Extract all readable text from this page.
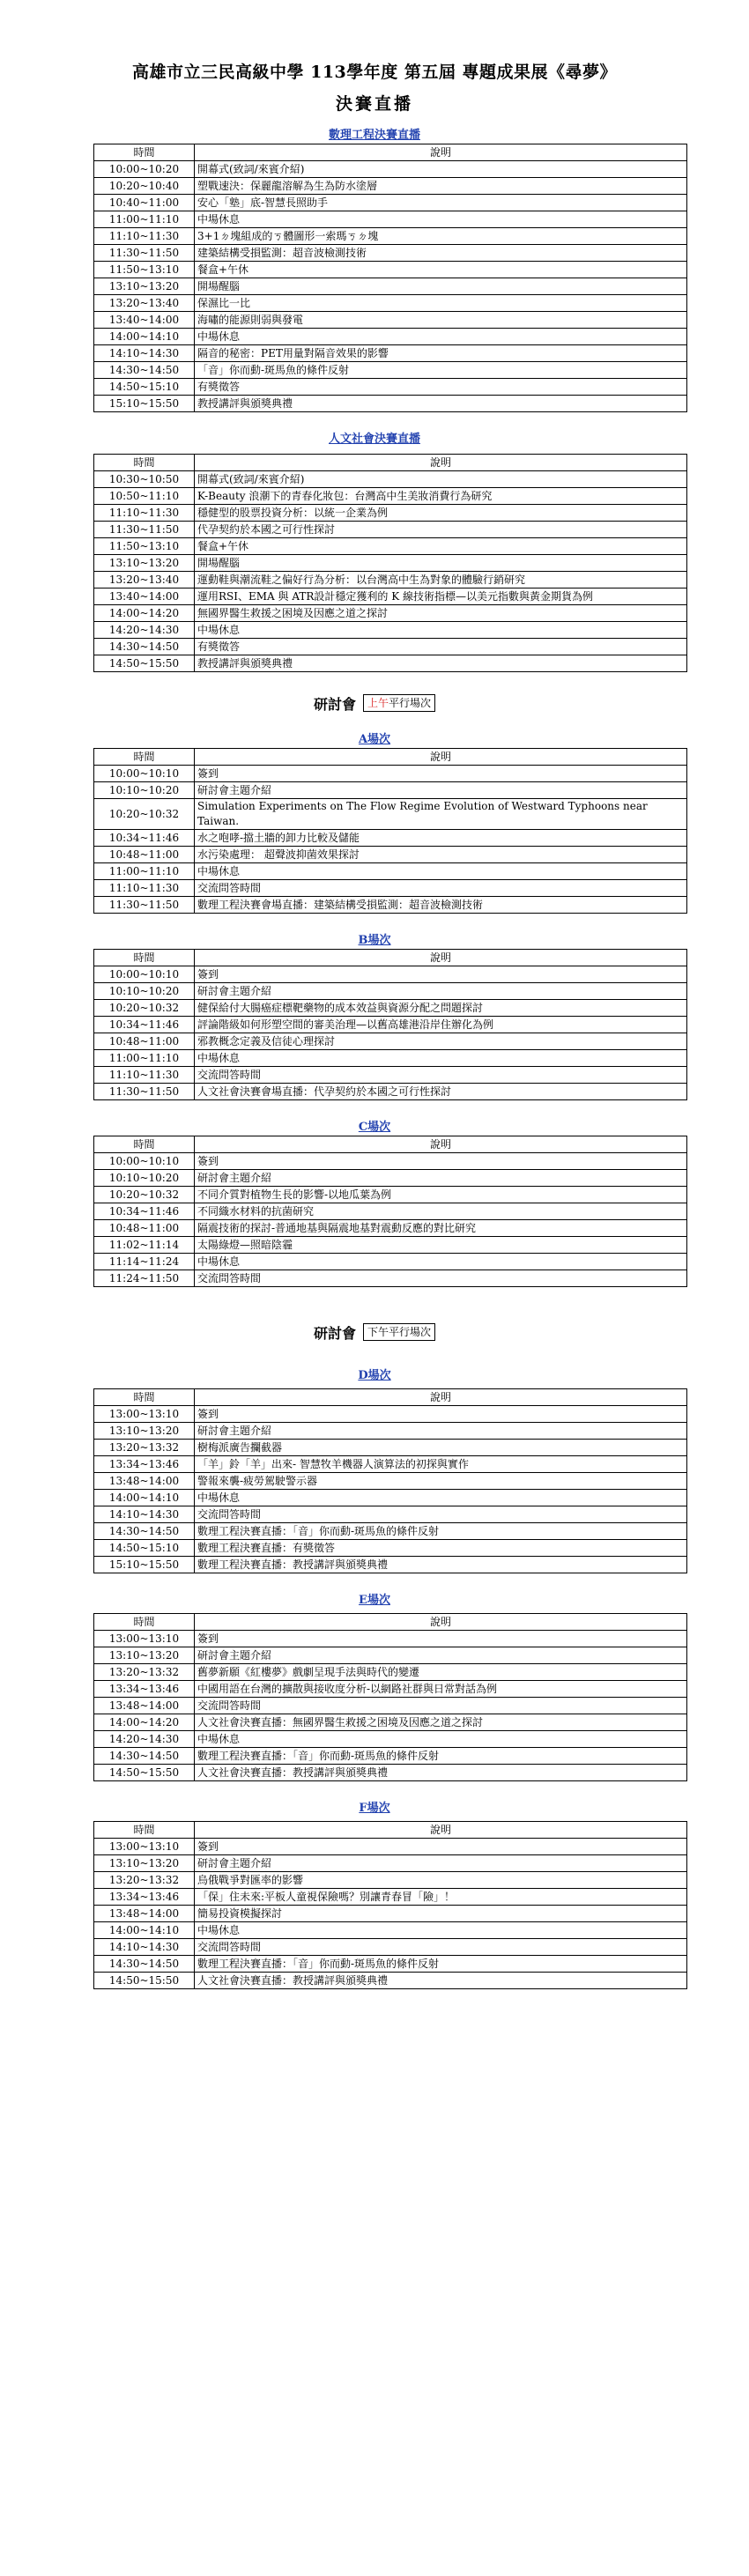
高雄市立三民高級中學 113學年度 第五屆 專題成果展《尋夢》

決賽直播

數理工程決賽直播

時間	說明
10:00~10:20	開幕式(致詞/來賓介紹)
10:20~10:40	塑戰速決：保麗龍溶解為生為防水塗層
10:40~11:00	安心「塾」底-智慧長照助手
11:00~11:10	中場休息
11:10~11:30	3+1ㄉ塊組成的ㄎ體圖形一索瑪ㄎㄉ塊
11:30~11:50	建築結構受損監測：超音波檢測技術
11:50~13:10	餐盒+午休
13:10~13:20	開場醒腦
13:20~13:40	保濕比一比
13:40~14:00	海嘯的能源則弱與發電
14:00~14:10	中場休息
14:10~14:30	隔音的秘密：PET用量對隔音效果的影響
14:30~14:50	「音」你而動-斑馬魚的條件反射
14:50~15:10	有獎徵答
15:10~15:50	教授講評與頒獎典禮

人文社會決賽直播

時間	說明
10:30~10:50	開幕式(致詞/來賓介紹)
10:50~11:10	K-Beauty 浪潮下的青春化妝包：台灣高中生美妝消費行為研究
11:10~11:30	穩健型的股票投資分析：以統一企業為例
11:30~11:50	代孕契約於本國之可行性探討
11:50~13:10	餐盒+午休
13:10~13:20	開場醒腦
13:20~13:40	運動鞋與潮流鞋之偏好行為分析：以台灣高中生為對象的體驗行銷研究
13:40~14:00	運用RSI、EMA 與 ATR設計穩定獲利的 K 線技術指標—以美元指數與黃金期貨為例
14:00~14:20	無國界醫生救援之困境及因應之道之探討
14:20~14:30	中場休息
14:30~14:50	有獎徵答
14:50~15:50	教授講評與頒獎典禮
研討會	上午平行場次

A場次

時間	說明
10:00~10:10	簽到
10:10~10:20	研討會主題介紹
10:20~10:32	Simulation Experiments on The Flow Regime Evolution of Westward Typhoons near Taiwan.
10:34~11:46	水之咆哮-擋土牆的卸力比較及儲能
10:48~11:00	水污染處理： 超聲波抑菌效果探討
11:00~11:10	中場休息
11:10~11:30	交流問答時間
11:30~11:50	數理工程決賽會場直播：建築結構受損監測：超音波檢測技術

B場次

時間	說明
10:00~10:10	簽到
10:10~10:20	研討會主題介紹
10:20~10:32	健保給付大腸癌症標靶藥物的成本效益與資源分配之問題探討
10:34~11:46	評論階級如何形塑空間的審美治理—以舊高雄港沿岸住辦化為例
10:48~11:00	邪教概念定義及信徒心理探討
11:00~11:10	中場休息
11:10~11:30	交流問答時間
11:30~11:50	人文社會決賽會場直播：代孕契約於本國之可行性探討

C場次

時間	說明
10:00~10:10	簽到
10:10~10:20	研討會主題介紹
10:20~10:32	不同介質對植物生長的影響-以地瓜葉為例
10:34~11:46	不同織水材料的抗菌研究
10:48~11:00	隔震技術的探討-普通地基與隔震地基對震動反應的對比研究
11:02~11:14	太陽綠燈—照暗陰霾
11:14~11:24	中場休息
11:24~11:50	交流問答時間
研討會	下午平行場次

D場次

時間	說明
13:00~13:10	簽到
13:10~13:20	研討會主題介紹
13:20~13:32	樹梅派廣告攔截器
13:34~13:46	「羊」鈴「羊」出來- 智慧牧羊機器人演算法的初探與實作
13:48~14:00	警報來襲-疲勞駕駛警示器
14:00~14:10	中場休息
14:10~14:30	交流問答時間
14:30~14:50	數理工程決賽直播：「音」你而動-斑馬魚的條件反射
14:50~15:10	數理工程決賽直播：有獎徵答
15:10~15:50	數理工程決賽直播：教授講評與頒獎典禮

E場次

時間	說明
13:00~13:10	簽到
13:10~13:20	研討會主題介紹
13:20~13:32	舊夢新願《紅樓夢》戲劇呈現手法與時代的變遷
13:34~13:46	中國用語在台灣的擴散與接收度分析-以網路社群與日常對話為例
13:48~14:00	交流問答時間
14:00~14:20	人文社會決賽直播：無國界醫生救援之困境及因應之道之探討
14:20~14:30	中場休息
14:30~14:50	數理工程決賽直播：「音」你而動-斑馬魚的條件反射
14:50~15:50	人文社會決賽直播：教授講評與頒獎典禮

F場次

時間	說明
13:00~13:10	簽到
13:10~13:20	研討會主題介紹
13:20~13:32	烏俄戰爭對匯率的影響
13:34~13:46	「保」住未來:平板人童視保險嗎？別讓青春冒「險」！
13:48~14:00	簡易投資模擬探討
14:00~14:10	中場休息
14:10~14:30	交流問答時間
14:30~14:50	數理工程決賽直播：「音」你而動-斑馬魚的條件反射
14:50~15:50	人文社會決賽直播：教授講評與頒獎典禮
